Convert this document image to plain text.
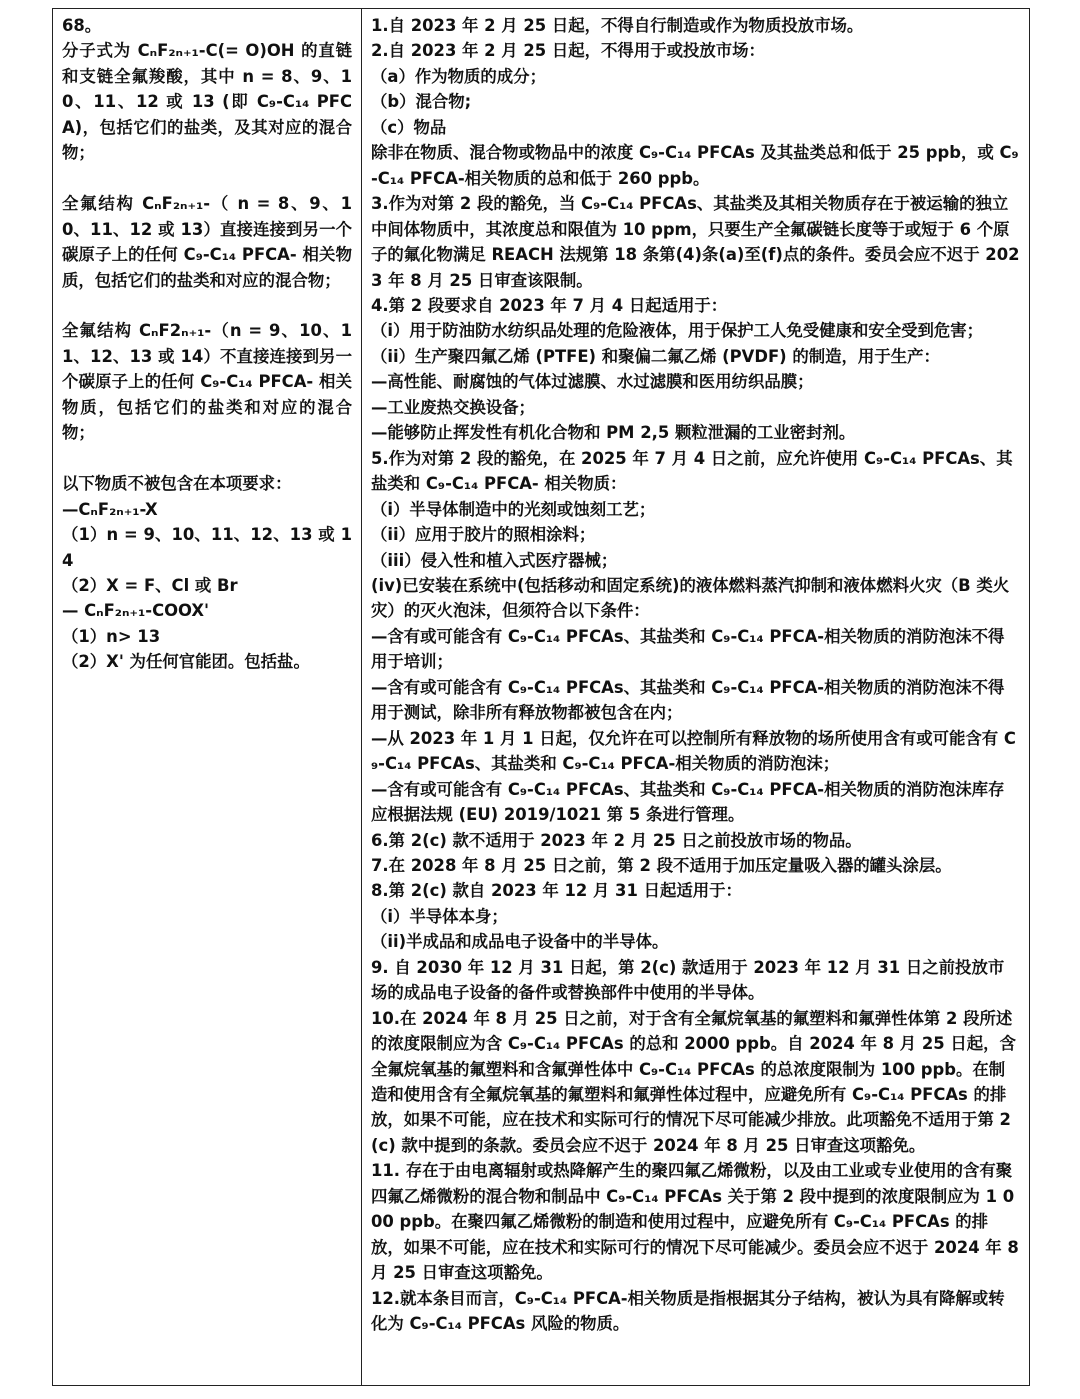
68。
分子式为 CₙF₂ₙ₊₁-C(= O)OH 的直链和支链全氟羧酸，其中 n = 8、9、10、11、12 或 13 (即 C₉-C₁₄ PFCA)，包括它们的盐类，及其对应的混合物；

全氟结构 CₙF₂ₙ₊₁-（ n = 8、9、10、11、12 或 13）直接连接到另一个碳原子上的任何 C₉-C₁₄ PFCA- 相关物质，包括它们的盐类和对应的混合物；

全氟结构 CₙF2ₙ₊₁-（n = 9、10、11、12、13 或 14）不直接连接到另一个碳原子上的任何 C₉-C₁₄ PFCA- 相关物质，包括它们的盐类和对应的混合物；

以下物质不被包含在本项要求：
—CₙF₂ₙ₊₁-X
（1）n = 9、10、11、12、13 或 14
（2）X = F、Cl 或 Br
— CₙF₂ₙ₊₁-COOX'
（1）n> 13
（2）X' 为任何官能团。包括盐。

1.自 2023 年 2 月 25 日起，不得自行制造或作为物质投放市场。
2.自 2023 年 2 月 25 日起，不得用于或投放市场：
（a）作为物质的成分；
（b）混合物;
（c）物品
除非在物质、混合物或物品中的浓度 C₉-C₁₄ PFCAs 及其盐类总和低于 25 ppb，或 C₉-C₁₄ PFCA-相关物质的总和低于 260 ppb。
3.作为对第 2 段的豁免，当 C₉-C₁₄ PFCAs、其盐类及其相关物质存在于被运输的独立中间体物质中，其浓度总和限值为 10 ppm，只要生产全氟碳链长度等于或短于 6 个原子的氟化物满足 REACH 法规第 18 条第(4)条(a)至(f)点的条件。委员会应不迟于 2023 年 8 月 25 日审查该限制。
4.第 2 段要求自 2023 年 7 月 4 日起适用于：
（i）用于防油防水纺织品处理的危险液体，用于保护工人免受健康和安全受到危害；
（ii）生产聚四氟乙烯 (PTFE) 和聚偏二氟乙烯 (PVDF) 的制造，用于生产：
—高性能、耐腐蚀的气体过滤膜、水过滤膜和医用纺织品膜；
—工业废热交换设备；
—能够防止挥发性有机化合物和 PM 2,5 颗粒泄漏的工业密封剂。
5.作为对第 2 段的豁免，在 2025 年 7 月 4 日之前，应允许使用 C₉-C₁₄ PFCAs、其盐类和 C₉-C₁₄ PFCA- 相关物质：
（i）半导体制造中的光刻或蚀刻工艺；
（ii）应用于胶片的照相涂料；
（iii）侵入性和植入式医疗器械；
(iv)已安装在系统中(包括移动和固定系统)的液体燃料蒸汽抑制和液体燃料火灾（B 类火灾）的灭火泡沫，但须符合以下条件：
—含有或可能含有 C₉-C₁₄ PFCAs、其盐类和 C₉-C₁₄ PFCA-相关物质的消防泡沫不得用于培训；
—含有或可能含有 C₉-C₁₄ PFCAs、其盐类和 C₉-C₁₄ PFCA-相关物质的消防泡沫不得用于测试，除非所有释放物都被包含在内；
—从 2023 年 1 月 1 日起，仅允许在可以控制所有释放物的场所使用含有或可能含有 C₉-C₁₄ PFCAs、其盐类和 C₉-C₁₄ PFCA-相关物质的消防泡沫；
—含有或可能含有 C₉-C₁₄ PFCAs、其盐类和 C₉-C₁₄ PFCA-相关物质的消防泡沫库存应根据法规 (EU) 2019/1021 第 5 条进行管理。
6.第 2(c) 款不适用于 2023 年 2 月 25 日之前投放市场的物品。
7.在 2028 年 8 月 25 日之前，第 2 段不适用于加压定量吸入器的罐头涂层。
8.第 2(c) 款自 2023 年 12 月 31 日起适用于：
（i）半导体本身；
（ii)半成品和成品电子设备中的半导体。
9. 自 2030 年 12 月 31 日起，第 2(c) 款适用于 2023 年 12 月 31 日之前投放市场的成品电子设备的备件或替换部件中使用的半导体。
10.在 2024 年 8 月 25 日之前，对于含有全氟烷氧基的氟塑料和氟弹性体第 2 段所述的浓度限制应为含 C₉-C₁₄ PFCAs 的总和 2000 ppb。自 2024 年 8 月 25 日起，含全氟烷氧基的氟塑料和含氟弹性体中 C₉-C₁₄ PFCAs 的总浓度限制为 100 ppb。在制造和使用含有全氟烷氧基的氟塑料和氟弹性体过程中，应避免所有 C₉-C₁₄ PFCAs 的排放，如果不可能，应在技术和实际可行的情况下尽可能减少排放。此项豁免不适用于第 2(c) 款中提到的条款。委员会应不迟于 2024 年 8 月 25 日审查这项豁免。
11. 存在于由电离辐射或热降解产生的聚四氟乙烯微粉，以及由工业或专业使用的含有聚四氟乙烯微粉的混合物和制品中 C₉-C₁₄ PFCAs 关于第 2 段中提到的浓度限制应为 1 000 ppb。在聚四氟乙烯微粉的制造和使用过程中，应避免所有 C₉-C₁₄ PFCAs 的排放，如果不可能，应在技术和实际可行的情况下尽可能减少。委员会应不迟于 2024 年 8 月 25 日审查这项豁免。
12.就本条目而言，C₉-C₁₄ PFCA-相关物质是指根据其分子结构，被认为具有降解或转化为 C₉-C₁₄ PFCAs 风险的物质。
